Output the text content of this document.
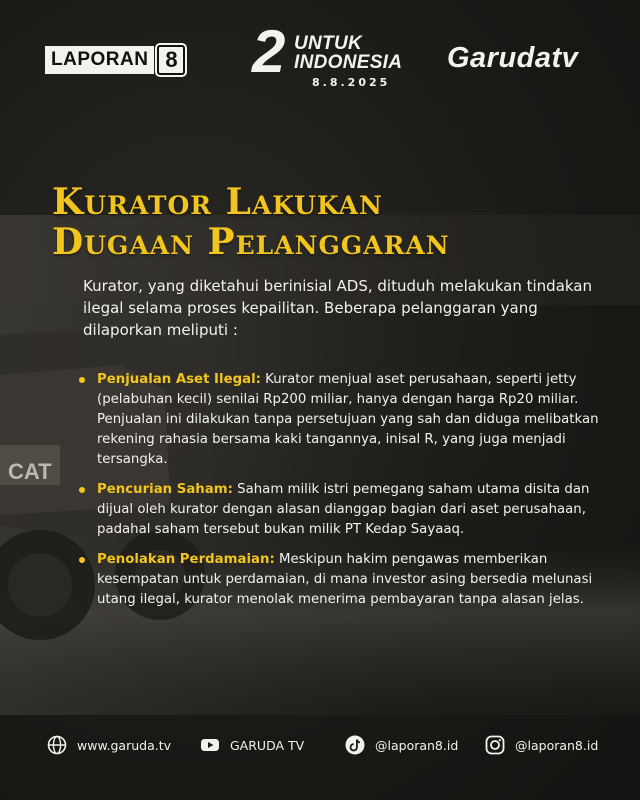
CAT
LAPORAN 8 2 UNTUK
INDONESIA
8.8.2025
Garudatv
Kurator Lakukan
Dugaan Pelanggaran
Kurator, yang diketahui berinisial ADS, dituduh melakukan tindakan ilegal selama proses kepailitan. Beberapa pelanggaran yang dilaporkan meliputi :
Penjualan Aset Ilegal: Kurator menjual aset perusahaan, seperti jetty (pelabuhan kecil) senilai Rp200 miliar, hanya dengan harga Rp20 miliar. Penjualan ini dilakukan tanpa persetujuan yang sah dan diduga melibatkan rekening rahasia bersama kaki tangannya, inisal R, yang juga menjadi tersangka.
Pencurian Saham: Saham milik istri pemegang saham utama disita dan dijual oleh kurator dengan alasan dianggap bagian dari aset perusahaan, padahal saham tersebut bukan milik PT Kedap Sayaaq.
Penolakan Perdamaian: Meskipun hakim pengawas memberikan kesempatan untuk perdamaian, di mana investor asing bersedia melunasi utang ilegal, kurator menolak menerima pembayaran tanpa alasan jelas.
www.garuda.tv	GARUDA TV	@laporan8.id	@laporan8.id
